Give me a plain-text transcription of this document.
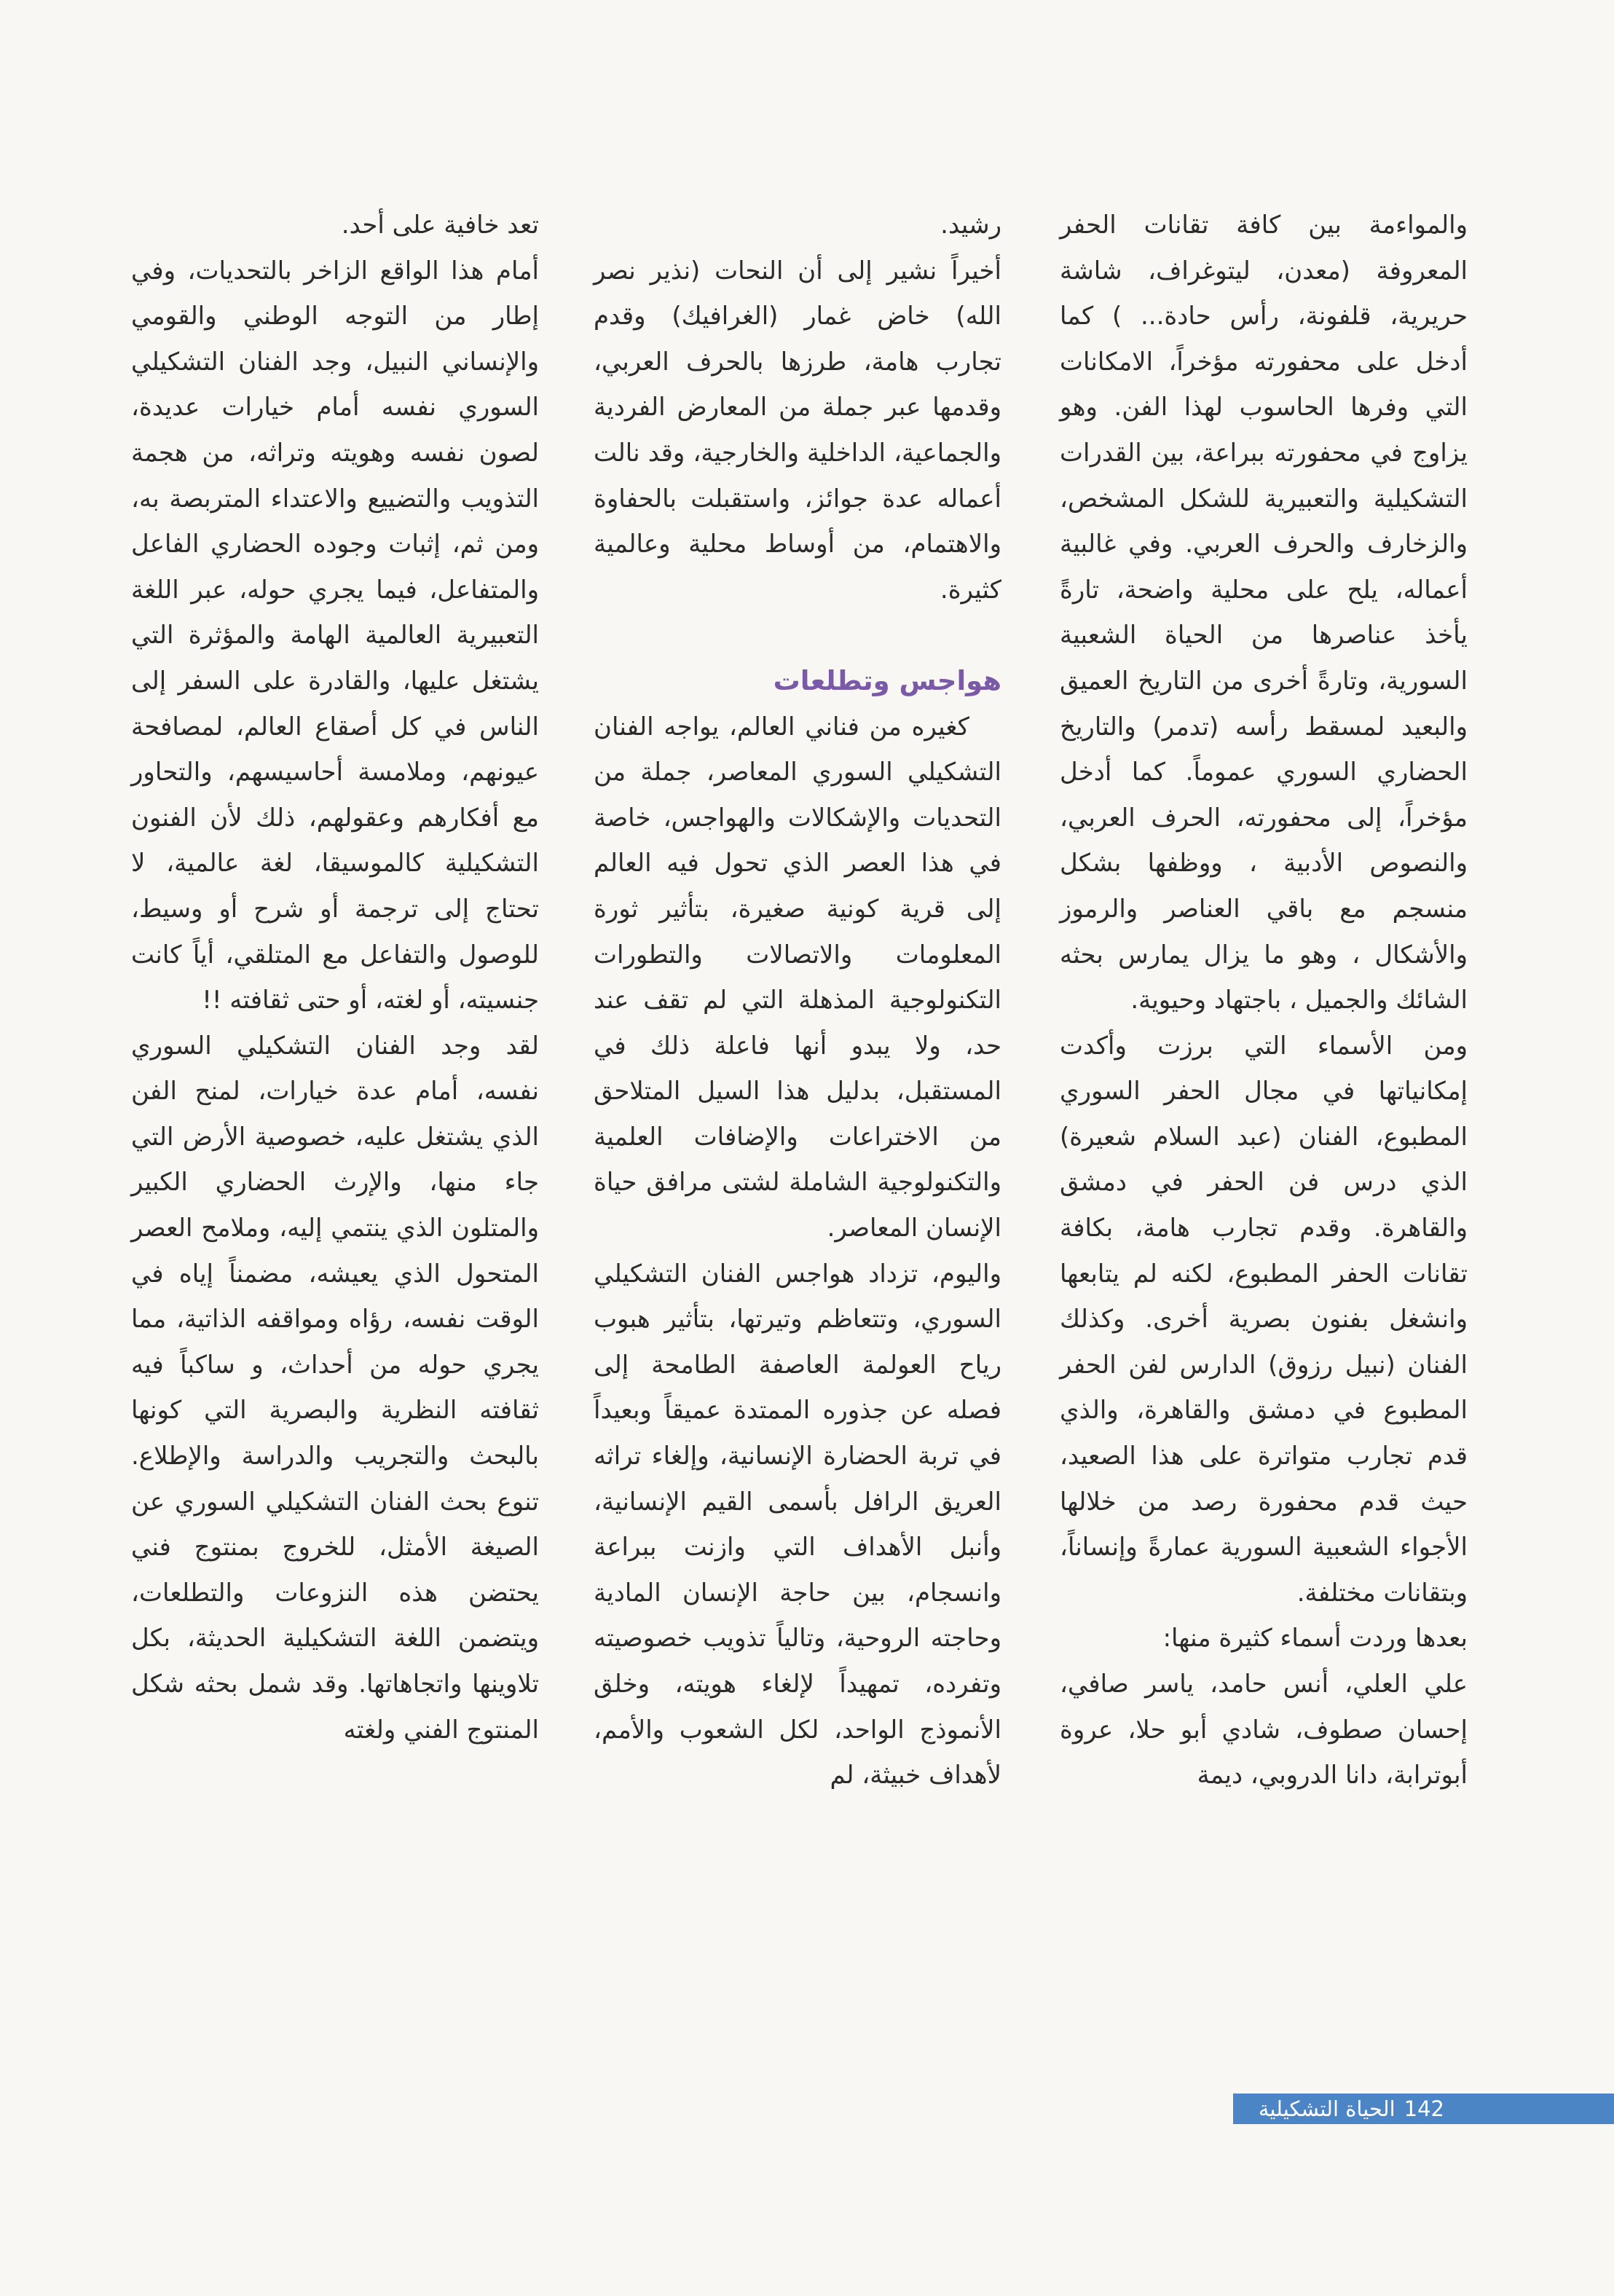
والمواءمة بين كافة تقانات الحفر المعروفة (معدن، ليتوغراف، شاشة حريرية، قلفونة، رأس حادة... ) كما أدخل على محفورته مؤخراً، الامكانات التي وفرها الحاسوب لهذا الفن. وهو يزاوج في محفورته ببراعة، بين القدرات التشكيلية والتعبيرية للشكل المشخص، والزخارف والحرف العربي. وفي غالبية أعماله، يلح على محلية واضحة، تارةً يأخذ عناصرها من الحياة الشعبية السورية، وتارةً أخرى من التاريخ العميق والبعيد لمسقط رأسه (تدمر) والتاريخ الحضاري السوري عموماً. كما أدخل مؤخراً، إلى محفورته، الحرف العربي، والنصوص الأدبية ، ووظفها بشكل منسجم مع باقي العناصر والرموز والأشكال ، وهو ما يزال يمارس بحثه الشائك والجميل ، باجتهاد وحيوية.

ومن الأسماء التي برزت وأكدت إمكانياتها في مجال الحفر السوري المطبوع، الفنان (عبد السلام شعيرة) الذي درس فن الحفر في دمشق والقاهرة. وقدم تجارب هامة، بكافة تقانات الحفر المطبوع، لكنه لم يتابعها وانشغل بفنون بصرية أخرى. وكذلك الفنان (نبيل رزوق) الدارس لفن الحفر المطبوع في دمشق والقاهرة، والذي قدم تجارب متواترة على هذا الصعيد، حيث قدم محفورة رصد من خلالها الأجواء الشعبية السورية عمارةً وإنساناً، وبتقانات مختلفة.

بعدها وردت أسماء كثيرة منها:

علي العلي، أنس حامد، ياسر صافي، إحسان صطوف، شادي أبو حلا، عروة أبوترابة، دانا الدروبي، ديمة

رشيد.

أخيراً نشير إلى أن النحات (نذير نصر الله) خاض غمار (الغرافيك) وقدم تجارب هامة، طرزها بالحرف العربي، وقدمها عبر جملة من المعارض الفردية والجماعية، الداخلية والخارجية، وقد نالت أعماله عدة جوائز، واستقبلت بالحفاوة والاهتمام، من أوساط محلية وعالمية كثيرة.

هواجس وتطلعات

كغيره من فناني العالم، يواجه الفنان التشكيلي السوري المعاصر، جملة من التحديات والإشكالات والهواجس، خاصة في هذا العصر الذي تحول فيه العالم إلى قرية كونية صغيرة، بتأثير ثورة المعلومات والاتصالات والتطورات التكنولوجية المذهلة التي لم تقف عند حد، ولا يبدو أنها فاعلة ذلك في المستقبل، بدليل هذا السيل المتلاحق من الاختراعات والإضافات العلمية والتكنولوجية الشاملة لشتى مرافق حياة الإنسان المعاصر.

واليوم، تزداد هواجس الفنان التشكيلي السوري، وتتعاظم وتيرتها، بتأثير هبوب رياح العولمة العاصفة الطامحة إلى فصله عن جذوره الممتدة عميقاً وبعيداً في تربة الحضارة الإنسانية، وإلغاء تراثه العريق الرافل بأسمى القيم الإنسانية، وأنبل الأهداف التي وازنت ببراعة وانسجام، بين حاجة الإنسان المادية وحاجته الروحية، وتالياً تذويب خصوصيته وتفرده، تمهيداً لإلغاء هويته، وخلق الأنموذج الواحد، لكل الشعوب والأمم، لأهداف خبيثة، لم

تعد خافية على أحد.

أمام هذا الواقع الزاخر بالتحديات، وفي إطار من التوجه الوطني والقومي والإنساني النبيل، وجد الفنان التشكيلي السوري نفسه أمام خيارات عديدة، لصون نفسه وهويته وتراثه، من هجمة التذويب والتضييع والاعتداء المتربصة به، ومن ثم، إثبات وجوده الحضاري الفاعل والمتفاعل، فيما يجري حوله، عبر اللغة التعبيرية العالمية الهامة والمؤثرة التي يشتغل عليها، والقادرة على السفر إلى الناس في كل أصقاع العالم، لمصافحة عيونهم، وملامسة أحاسيسهم، والتحاور مع أفكارهم وعقولهم، ذلك لأن الفنون التشكيلية كالموسيقا، لغة عالمية، لا تحتاج إلى ترجمة أو شرح أو وسيط، للوصول والتفاعل مع المتلقي، أياً كانت جنسيته، أو لغته، أو حتى ثقافته !!

لقد وجد الفنان التشكيلي السوري نفسه، أمام عدة خيارات، لمنح الفن الذي يشتغل عليه، خصوصية الأرض التي جاء منها، والإرث الحضاري الكبير والمتلون الذي ينتمي إليه، وملامح العصر المتحول الذي يعيشه، مضمناً إياه في الوقت نفسه، رؤاه ومواقفه الذاتية، مما يجري حوله من أحداث، و ساكباً فيه ثقافته النظرية والبصرية التي كونها بالبحث والتجريب والدراسة والإطلاع. تنوع بحث الفنان التشكيلي السوري عن الصيغة الأمثل، للخروج بمنتوج فني يحتضن هذه النزوعات والتطلعات، ويتضمن اللغة التشكيلية الحديثة، بكل تلاوينها واتجاهاتها. وقد شمل بحثه شكل المنتوج الفني ولغته

142
الحياة التشكيلية
